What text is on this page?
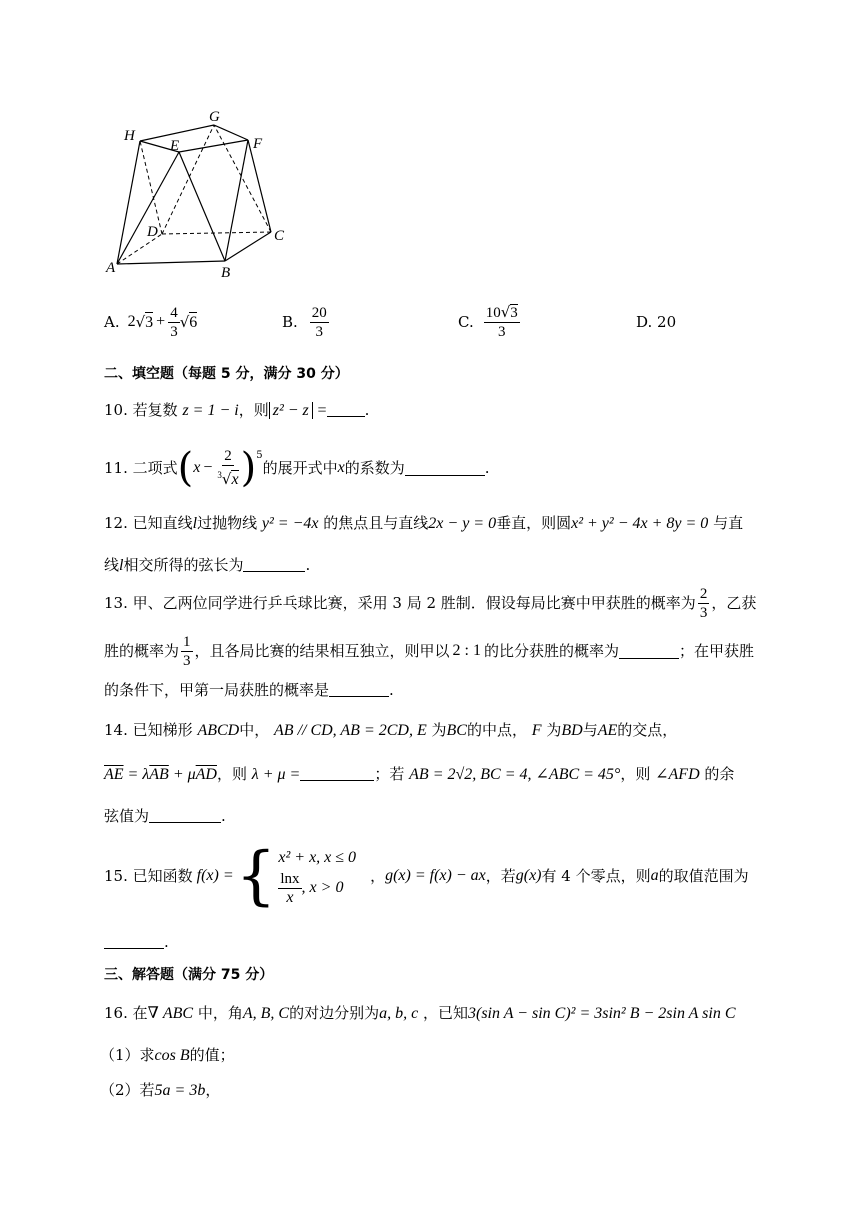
H
G
E	F
D	C
A	B
A. 2 √ $3 + \frac{4}{3}$ √ 6	B. $\frac{20}{3}$	C. $\frac{10√3}{3}$	D. 20
二、填空题（每题 5 分，满分 30 分）
10. 若复数 z = 1 − i，则 z² − z =	.
11.
二项式 ( $x - \frac{2}{^3√x} )^5$
的展开式中 x 的系数为	.
12. 已知直线l过抛物线 y² = −4x 的焦点且与直线2x − y = 0垂直，则圆x² + y² − 4x + 8y = 0 与直
线l相交所得的弦长为	.
13.
甲、乙两位同学进行乒乓球比赛，采用 3 局 2 胜制．假设每局比赛中甲获胜的概率为 $\frac{2}{3}$ ，乙获
胜的概率为 $\frac{1}{3}$ ，且各局比赛的结果相互独立，则甲以 2 : 1 的比分获胜的概率为	；在甲获胜
的条件下，甲第一局获胜的概率是	.
14. 已知梯形 ABCD中， AB // CD, AB = 2CD, E 为BC的中点， F 为BD与AE的交点，
$\overline{AE} = \lambda\overline{AB} + \mu\overline{AD}$，则 λ + μ =	；若 AB = 2√2, BC = 4, ∠ABC = 45°，则 ∠AFD 的余
弦值为	.
15.
已知函数 f(x) = { x² + x, x ≤ 0
$\frac{\ln x}{x}$ , x > 0
， g(x) = f(x) − ax ，若 g(x) 有 4 个零点，则 a 的取值范围为
.
三、解答题（满分 75 分）
16. 在∇ ABC 中，角A, B, C的对边分别为a, b, c ，已知3(sin A − sin C)² = 3sin² B − 2sin A sin C
（1）求cos B的值；
（2）若5a = 3b，
